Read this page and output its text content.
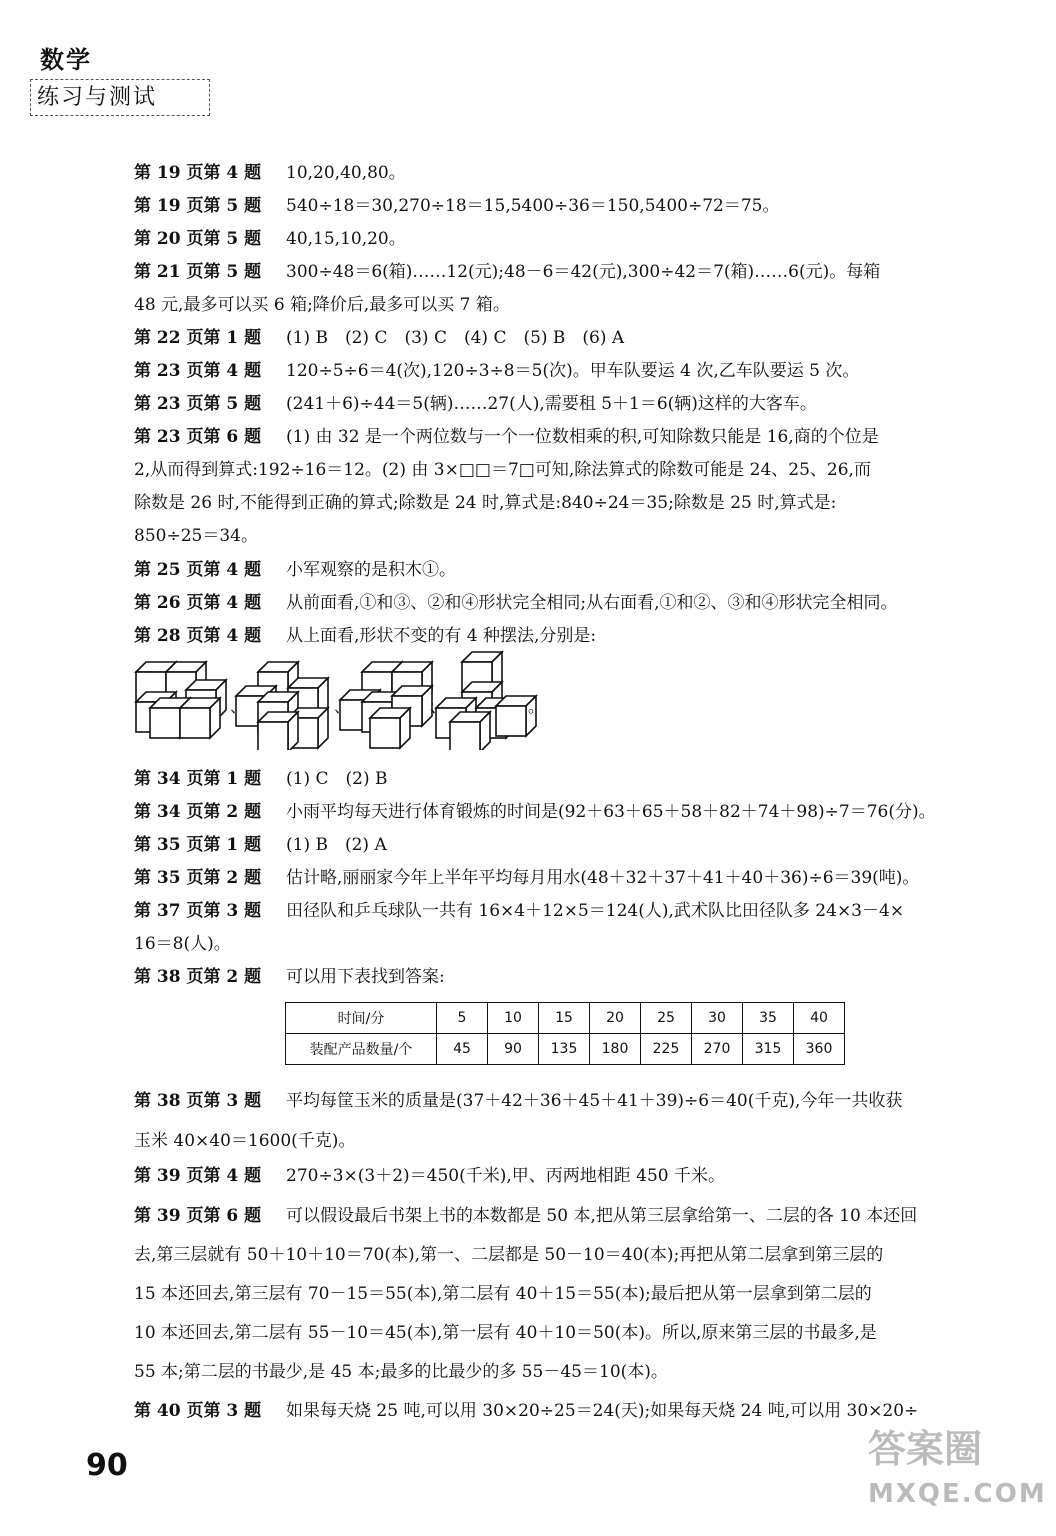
数学
练习与测试
第 19 页第 4 题 10,20,40,80。
第 19 页第 5 题 540÷18＝30,270÷18＝15,5400÷36＝150,5400÷72＝75。
第 20 页第 5 题 40,15,10,20。
第 21 页第 5 题 300÷48＝6(箱)……12(元);48－6＝42(元),300÷42＝7(箱)……6(元)。每箱
48 元,最多可以买 6 箱;降价后,最多可以买 7 箱。
第 22 页第 1 题 (1) B　(2) C　(3) C　(4) C　(5) B　(6) A
第 23 页第 4 题 120÷5÷6＝4(次),120÷3÷8＝5(次)。甲车队要运 4 次,乙车队要运 5 次。
第 23 页第 5 题 (241＋6)÷44＝5(辆)……27(人),需要租 5＋1＝6(辆)这样的大客车。
第 23 页第 6 题 (1) 由 32 是一个两位数与一个一位数相乘的积,可知除数只能是 16,商的个位是
2,从而得到算式:192÷16＝12。(2) 由 3×□□＝7□可知,除法算式的除数可能是 24、25、26,而
除数是 26 时,不能得到正确的算式;除数是 24 时,算式是:840÷24＝35;除数是 25 时,算式是:
850÷25＝34。
第 25 页第 4 题 小军观察的是积木①。
第 26 页第 4 题 从前面看,①和③、②和④形状完全相同;从右面看,①和②、③和④形状完全相同。
第 28 页第 4 题 从上面看,形状不变的有 4 种摆法,分别是:
、	、	、	。
第 34 页第 1 题 (1) C　(2) B
第 34 页第 2 题 小雨平均每天进行体育锻炼的时间是(92＋63＋65＋58＋82＋74＋98)÷7＝76(分)。
第 35 页第 1 题 (1) B　(2) A
第 35 页第 2 题 估计略,丽丽家今年上半年平均每月用水(48＋32＋37＋41＋40＋36)÷6＝39(吨)。
第 37 页第 3 题 田径队和乒乓球队一共有 16×4＋12×5＝124(人),武术队比田径队多 24×3－4×
16＝8(人)。
第 38 页第 2 题 可以用下表找到答案:
时间/分	5	10	15	20	25	30	35	40
装配产品数量/个	45	90	135	180	225	270	315	360
第 38 页第 3 题 平均每筐玉米的质量是(37＋42＋36＋45＋41＋39)÷6＝40(千克),今年一共收获
玉米 40×40＝1600(千克)。
第 39 页第 4 题 270÷3×(3＋2)＝450(千米),甲、丙两地相距 450 千米。
第 39 页第 6 题 可以假设最后书架上书的本数都是 50 本,把从第三层拿给第一、二层的各 10 本还回
去,第三层就有 50＋10＋10＝70(本),第一、二层都是 50－10＝40(本);再把从第二层拿到第三层的
15 本还回去,第三层有 70－15＝55(本),第二层有 40＋15＝55(本);最后把从第一层拿到第二层的
10 本还回去,第二层有 55－10＝45(本),第一层有 40＋10＝50(本)。所以,原来第三层的书最多,是
55 本;第二层的书最少,是 45 本;最多的比最少的多 55－45＝10(本)。
第 40 页第 3 题 如果每天烧 25 吨,可以用 30×20÷25＝24(天);如果每天烧 24 吨,可以用 30×20÷
90	答案圈
MXQE.COM
